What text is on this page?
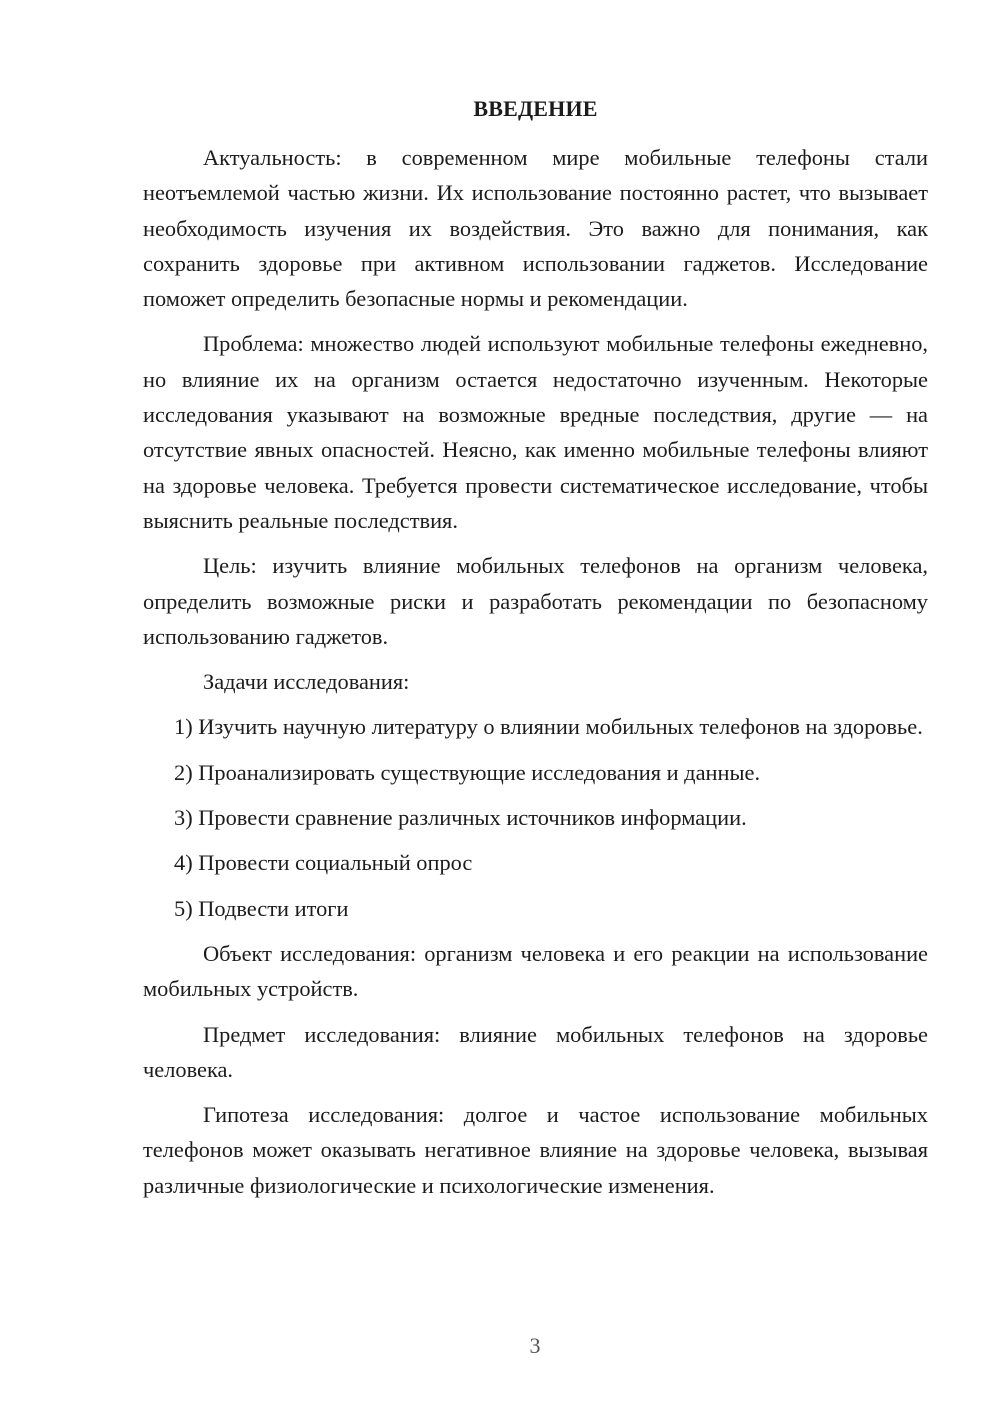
ВВЕДЕНИЕ

Актуальность: в современном мире мобильные телефоны стали неотъемлемой частью жизни. Их использование постоянно растет, что вызывает необходимость изучения их воздействия. Это важно для понимания, как сохранить здоровье при активном использовании гаджетов. Исследование поможет определить безопасные нормы и рекомендации.

Проблема: множество людей используют мобильные телефоны ежедневно, но влияние их на организм остается недостаточно изученным. Некоторые исследования указывают на возможные вредные последствия, другие — на отсутствие явных опасностей. Неясно, как именно мобильные телефоны влияют на здоровье человека. Требуется провести систематическое исследование, чтобы выяснить реальные последствия.

Цель: изучить влияние мобильных телефонов на организм человека, определить возможные риски и разработать рекомендации по безопасному использованию гаджетов.

Задачи исследования:

1) Изучить научную литературу о влиянии мобильных телефонов на здоровье.

2) Проанализировать существующие исследования и данные.

3) Провести сравнение различных источников информации.

4) Провести социальный опрос

5) Подвести итоги

Объект исследования: организм человека и его реакции на использование мобильных устройств.

Предмет исследования: влияние мобильных телефонов на здоровье человека.

Гипотеза исследования: долгое и частое использование мобильных телефонов может оказывать негативное влияние на здоровье человека, вызывая различные физиологические и психологические изменения.

3
